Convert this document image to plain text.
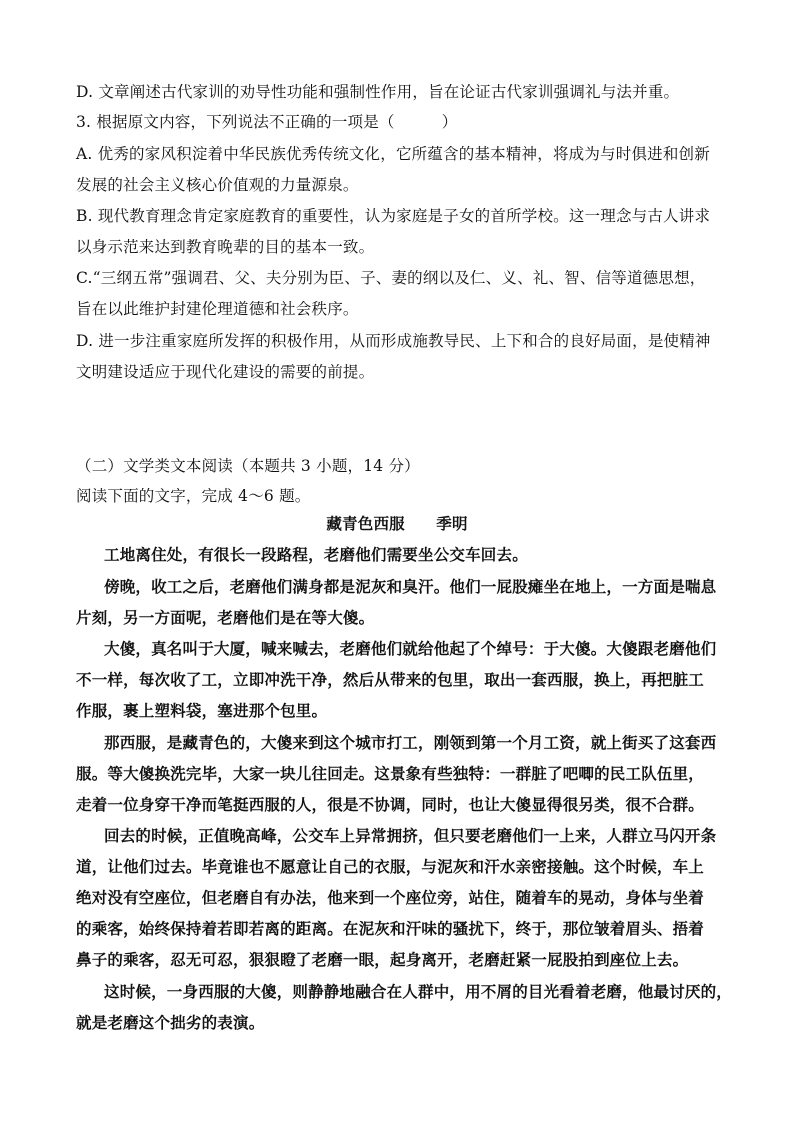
D. 文章阐述古代家训的劝导性功能和强制性作用，旨在论证古代家训强调礼与法并重。
3. 根据原文内容，下列说法不正确的一项是（　　　）
A. 优秀的家风积淀着中华民族优秀传统文化，它所蕴含的基本精神，将成为与时俱进和创新
发展的社会主义核心价值观的力量源泉。
B. 现代教育理念肯定家庭教育的重要性，认为家庭是子女的首所学校。这一理念与古人讲求
以身示范来达到教育晚辈的目的基本一致。
C.“三纲五常”强调君、父、夫分别为臣、子、妻的纲以及仁、义、礼、智、信等道德思想，
旨在以此维护封建伦理道德和社会秩序。
D. 进一步注重家庭所发挥的积极作用，从而形成施教导民、上下和合的良好局面，是使精神
文明建设适应于现代化建设的需要的前提。
（二）文学类文本阅读（本题共 3 小题，14 分）
阅读下面的文字，完成 4～6 题。
藏青色西服　　季明
工地离住处，有很长一段路程，老磨他们需要坐公交车回去。
傍晚，收工之后，老磨他们满身都是泥灰和臭汗。他们一屁股瘫坐在地上，一方面是喘息
片刻，另一方面呢，老磨他们是在等大傻。
大傻，真名叫于大厦，喊来喊去，老磨他们就给他起了个绰号：于大傻。大傻跟老磨他们
不一样，每次收了工，立即冲洗干净，然后从带来的包里，取出一套西服，换上，再把脏工
作服，裹上塑料袋，塞进那个包里。
那西服，是藏青色的，大傻来到这个城市打工，刚领到第一个月工资，就上街买了这套西
服。等大傻换洗完毕，大家一块儿往回走。这景象有些独特：一群脏了吧唧的民工队伍里，
走着一位身穿干净而笔挺西服的人，很是不协调，同时，也让大傻显得很另类，很不合群。
回去的时候，正值晚高峰，公交车上异常拥挤，但只要老磨他们一上来，人群立马闪开条
道，让他们过去。毕竟谁也不愿意让自己的衣服，与泥灰和汗水亲密接触。这个时候，车上
绝对没有空座位，但老磨自有办法，他来到一个座位旁，站住，随着车的晃动，身体与坐着
的乘客，始终保持着若即若离的距离。在泥灰和汗味的骚扰下，终于，那位皱着眉头、捂着
鼻子的乘客，忍无可忍，狠狠瞪了老磨一眼，起身离开，老磨赶紧一屁股拍到座位上去。
这时候，一身西服的大傻，则静静地融合在人群中，用不屑的目光看着老磨，他最讨厌的，
就是老磨这个拙劣的表演。
